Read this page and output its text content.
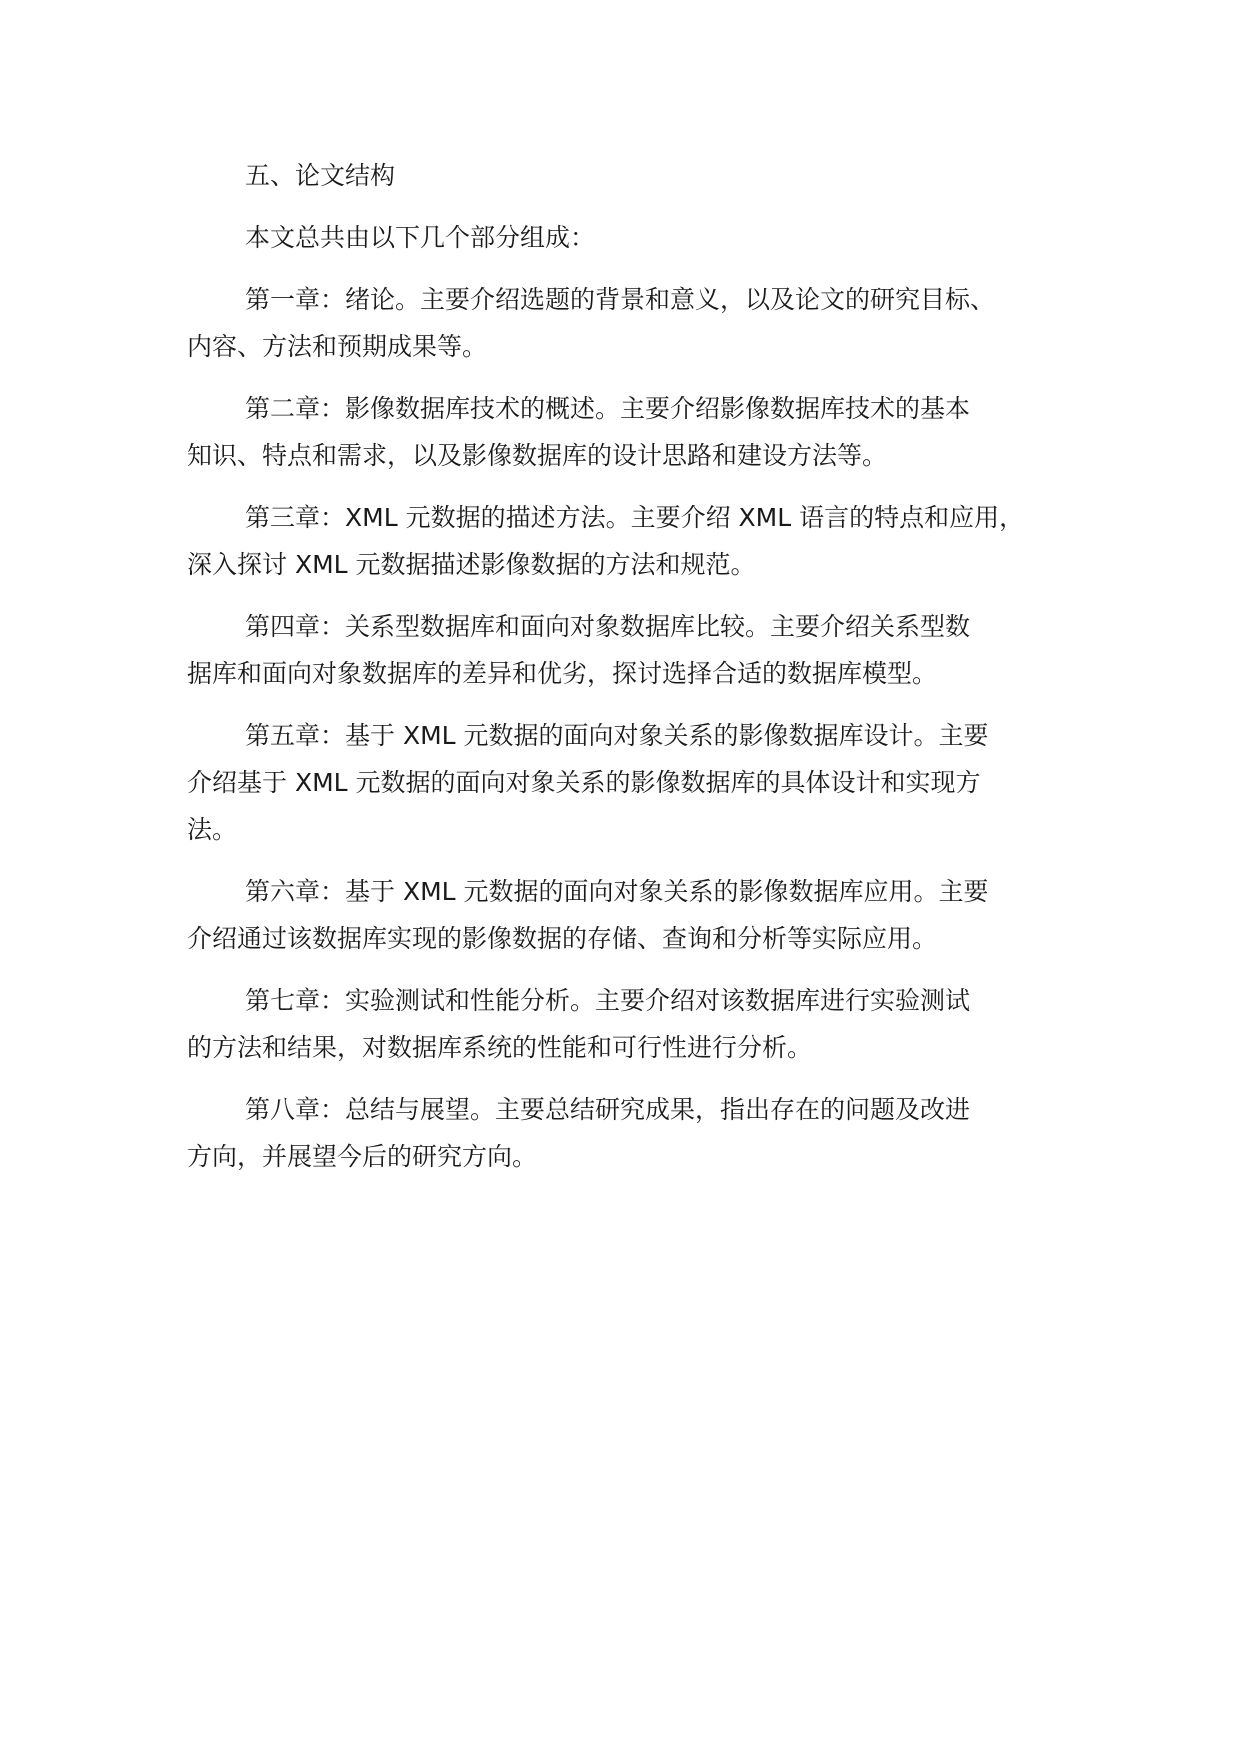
五、论文结构

本文总共由以下几个部分组成：

第一章：绪论。主要介绍选题的背景和意义，以及论文的研究目标、
内容、方法和预期成果等。

第二章：影像数据库技术的概述。主要介绍影像数据库技术的基本
知识、特点和需求，以及影像数据库的设计思路和建设方法等。

第三章：XML 元数据的描述方法。主要介绍 XML 语言的特点和应用，
深入探讨 XML 元数据描述影像数据的方法和规范。

第四章：关系型数据库和面向对象数据库比较。主要介绍关系型数
据库和面向对象数据库的差异和优劣，探讨选择合适的数据库模型。

第五章：基于 XML 元数据的面向对象关系的影像数据库设计。主要
介绍基于 XML 元数据的面向对象关系的影像数据库的具体设计和实现方
法。

第六章：基于 XML 元数据的面向对象关系的影像数据库应用。主要
介绍通过该数据库实现的影像数据的存储、查询和分析等实际应用。

第七章：实验测试和性能分析。主要介绍对该数据库进行实验测试
的方法和结果，对数据库系统的性能和可行性进行分析。

第八章：总结与展望。主要总结研究成果，指出存在的问题及改进
方向，并展望今后的研究方向。
